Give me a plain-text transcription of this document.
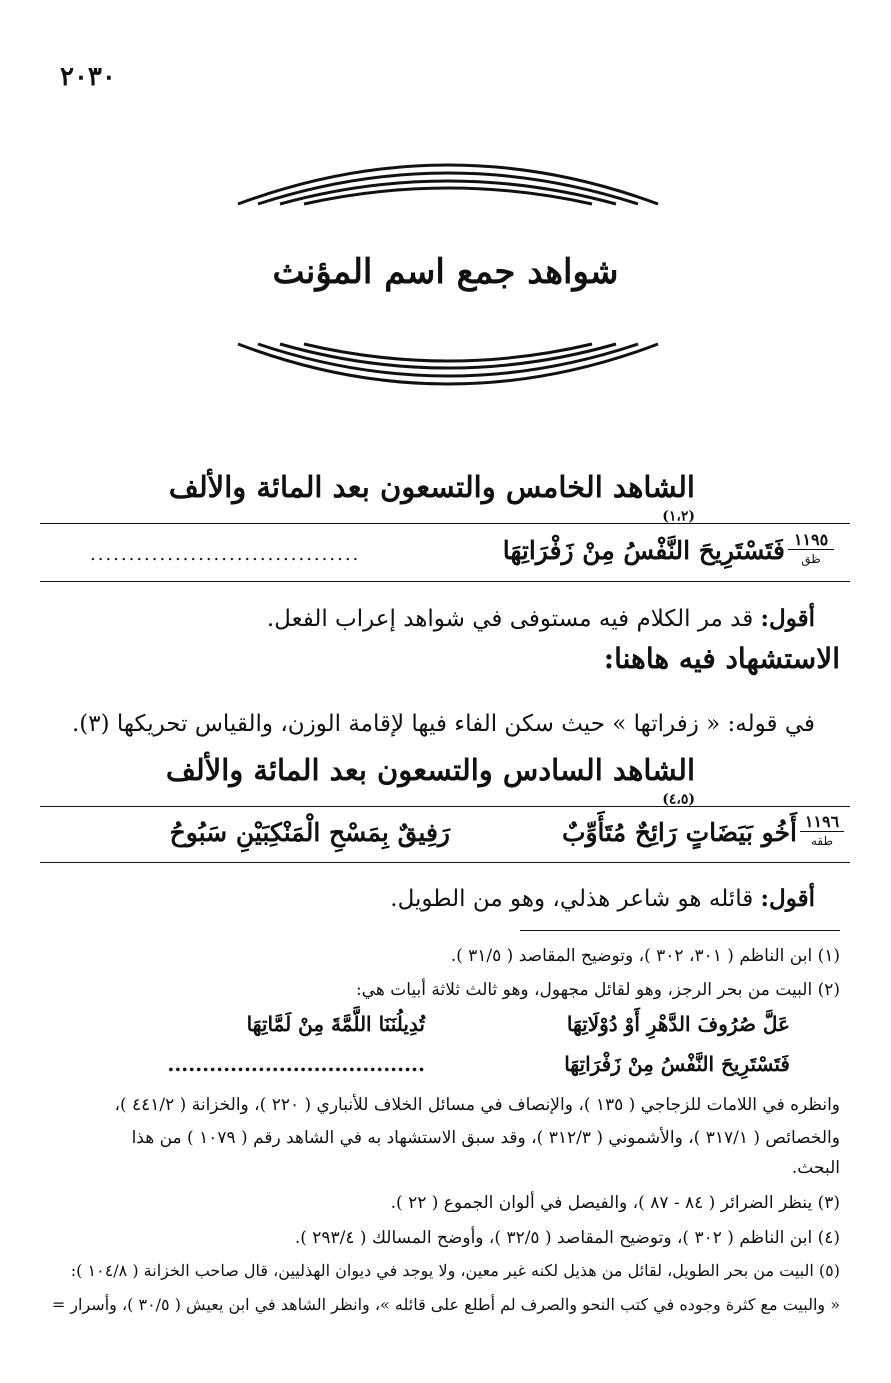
٢٠٣٠
شواهد جمع اسم المؤنث
الشاهد الخامس والتسعون بعد المائة والألف $^{(١،٢)}$
١١٩٥
ظق
فَتَسْتَرِيحَ النَّفْسُ مِنْ زَفْرَاتِهَا
...................................
أقول: قد مر الكلام فيه مستوفى في شواهد إعراب الفعل.
الاستشهاد فيه هاهنا:
في قوله: « زفراتها » حيث سكن الفاء فيها لإقامة الوزن، والقياس تحريكها (٣).
الشاهد السادس والتسعون بعد المائة والألف $^{(٤،٥)}$
١١٩٦
طقه
أَخُو بَيَضَاتٍ رَائِحٌ مُتَأَوِّبٌ
رَفِيقٌ بِمَسْحِ الْمَنْكِبَيْنِ سَبُوحُ
أقول: قائله هو شاعر هذلي، وهو من الطويل.
(١) ابن الناظم ( ٣٠١، ٣٠٢ )، وتوضيح المقاصد ( ٣١/٥ ).
(٢) البيت من بحر الرجز، وهو لقائل مجهول، وهو ثالث ثلاثة أبيات هي:
عَلَّ صُرُوفَ الدَّهْرِ أَوْ دُوْلَاتِهَا
تُدِيلُنَنَا اللَّمَّةَ مِنْ لَمَّاتِهَا
فَتَسْتَرِيحَ النَّفْسُ مِنْ زَفْرَاتِهَا
.....................................
وانظره في اللامات للزجاجي ( ١٣٥ )، والإنصاف في مسائل الخلاف للأنباري ( ٢٢٠ )، والخزانة ( ٤٤١/٢ )،
والخصائص ( ٣١٧/١ )، والأشموني ( ٣١٢/٣ )، وقد سبق الاستشهاد به في الشاهد رقم ( ١٠٧٩ ) من هذا
البحث.
(٣) ينظر الضرائر ( ٨٤ - ٨٧ )، والفيصل في ألوان الجموع ( ٢٢ ).
(٤) ابن الناظم ( ٣٠٢ )، وتوضيح المقاصد ( ٣٢/٥ )، وأوضح المسالك ( ٢٩٣/٤ ).
(٥) البيت من بحر الطويل، لقائل من هذيل لكنه غير معين، ولا يوجد في ديوان الهذليين، قال صاحب الخزانة ( ١٠٤/٨ ):
« والبيت مع كثرة وجوده في كتب النحو والصرف لم أطلع على قائله »، وانظر الشاهد في ابن يعيش ( ٣٠/٥ )، وأسرار =
